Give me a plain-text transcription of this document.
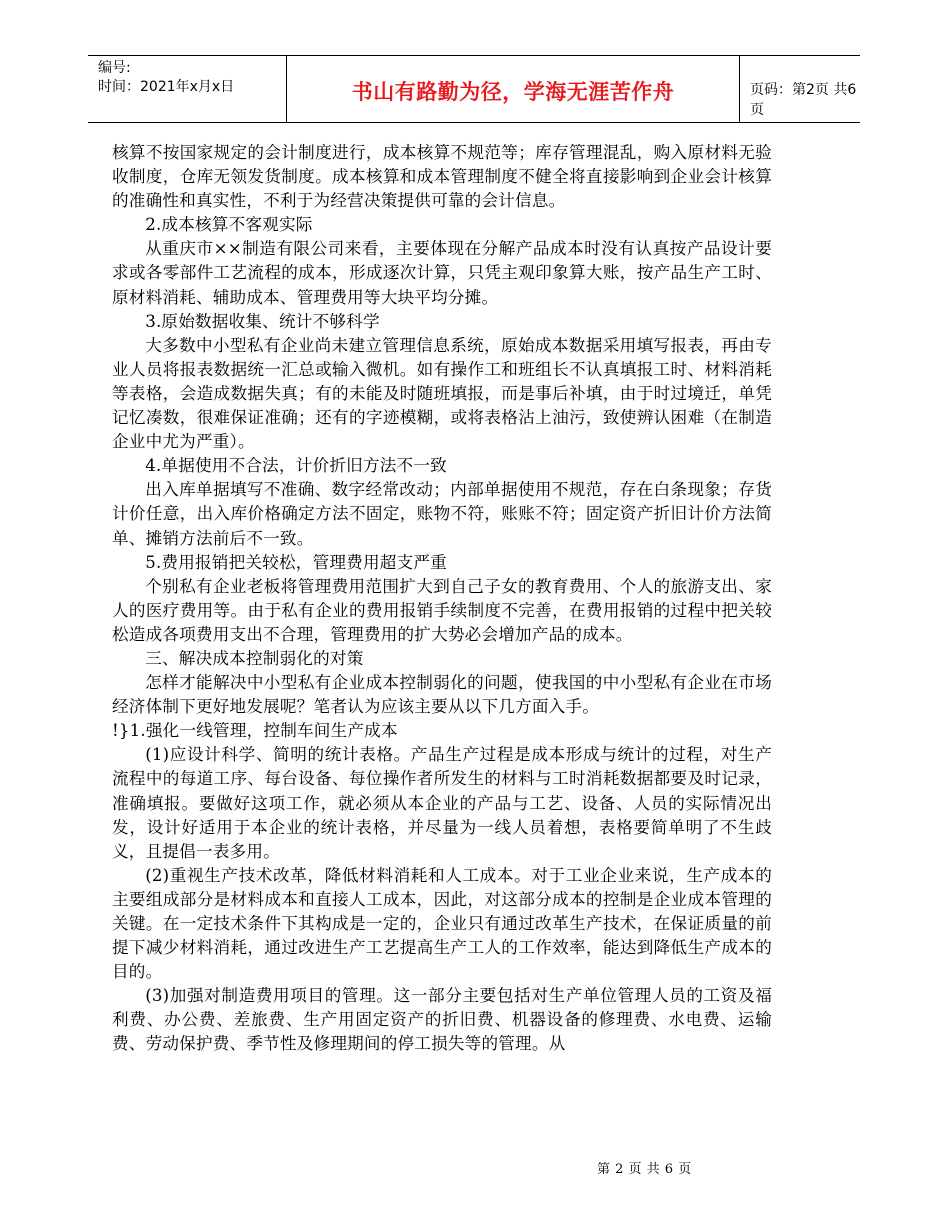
编号:
时间：2021年x月x日	书山有路勤为径，学海无涯苦作舟	页码：第2页 共6页

核算不按国家规定的会计制度进行，成本核算不规范等；库存管理混乱，购入原材料无验收制度，仓库无领发货制度。成本核算和成本管理制度不健全将直接影响到企业会计核算的准确性和真实性，不利于为经营决策提供可靠的会计信息。

2.成本核算不客观实际

从重庆市××制造有限公司来看，主要体现在分解产品成本时没有认真按产品设计要求或各零部件工艺流程的成本，形成逐次计算，只凭主观印象算大账，按产品生产工时、原材料消耗、辅助成本、管理费用等大块平均分摊。

3.原始数据收集、统计不够科学

大多数中小型私有企业尚未建立管理信息系统，原始成本数据采用填写报表，再由专业人员将报表数据统一汇总或输入微机。如有操作工和班组长不认真填报工时、材料消耗等表格，会造成数据失真；有的未能及时随班填报，而是事后补填，由于时过境迁，单凭记忆凑数，很难保证准确；还有的字迹模糊，或将表格沾上油污，致使辨认困难（在制造企业中尤为严重）。

4.单据使用不合法，计价折旧方法不一致

出入库单据填写不准确、数字经常改动；内部单据使用不规范，存在白条现象；存货计价任意，出入库价格确定方法不固定，账物不符，账账不符；固定资产折旧计价方法简单、摊销方法前后不一致。

5.费用报销把关较松，管理费用超支严重

个别私有企业老板将管理费用范围扩大到自己子女的教育费用、个人的旅游支出、家人的医疗费用等。由于私有企业的费用报销手续制度不完善，在费用报销的过程中把关较松造成各项费用支出不合理，管理费用的扩大势必会增加产品的成本。

三、解决成本控制弱化的对策

怎样才能解决中小型私有企业成本控制弱化的问题，使我国的中小型私有企业在市场经济体制下更好地发展呢？笔者认为应该主要从以下几方面入手。

!}1.强化一线管理，控制车间生产成本

(1)应设计科学、简明的统计表格。产品生产过程是成本形成与统计的过程，对生产流程中的每道工序、每台设备、每位操作者所发生的材料与工时消耗数据都要及时记录，准确填报。要做好这项工作，就必须从本企业的产品与工艺、设备、人员的实际情况出发，设计好适用于本企业的统计表格，并尽量为一线人员着想，表格要简单明了不生歧义，且提倡一表多用。

(2)重视生产技术改革，降低材料消耗和人工成本。对于工业企业来说，生产成本的主要组成部分是材料成本和直接人工成本，因此，对这部分成本的控制是企业成本管理的关键。在一定技术条件下其构成是一定的，企业只有通过改革生产技术，在保证质量的前提下减少材料消耗，通过改进生产工艺提高生产工人的工作效率，能达到降低生产成本的目的。

(3)加强对制造费用项目的管理。这一部分主要包括对生产单位管理人员的工资及福利费、办公费、差旅费、生产用固定资产的折旧费、机器设备的修理费、水电费、运输费、劳动保护费、季节性及修理期间的停工损失等的管理。从

第 2 页 共 6 页
